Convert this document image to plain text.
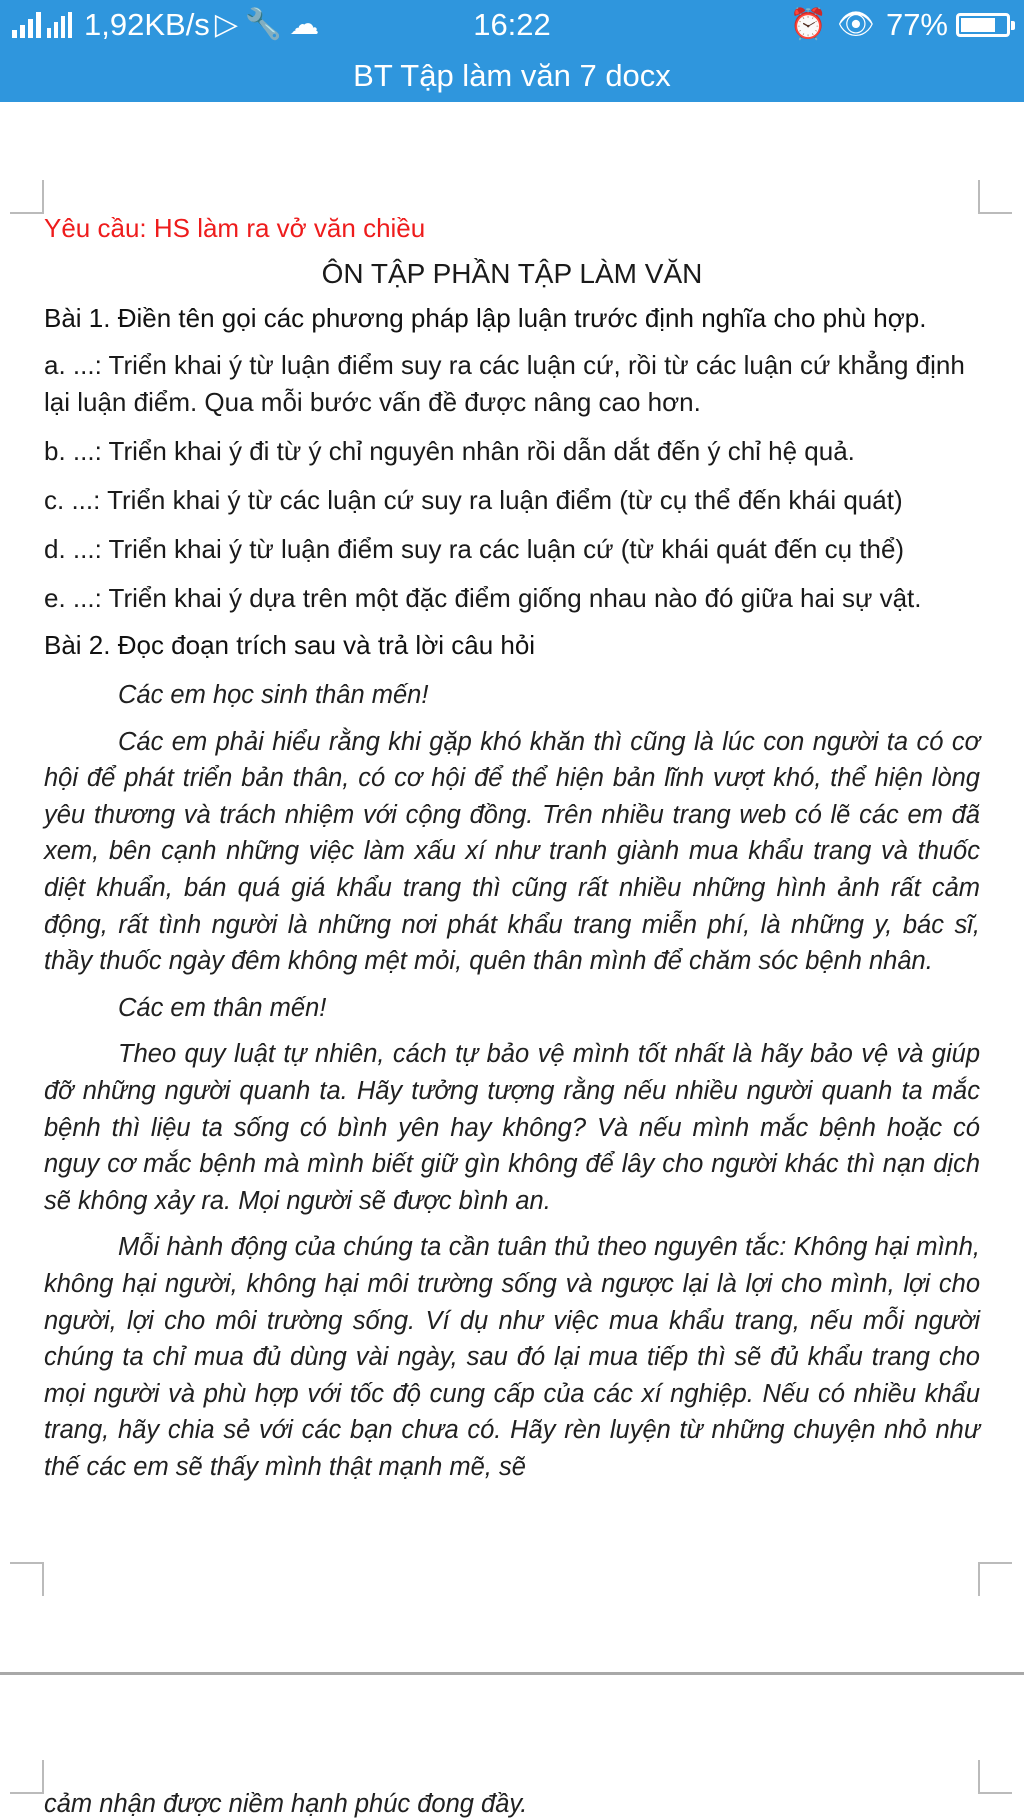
1,92KB/s ▷ 🔧 ☁	16:22	⏰ 👁 77%
BT Tập làm văn 7 docx
Yêu cầu: HS làm ra vở văn chiều
ÔN TẬP PHẦN TẬP LÀM VĂN
Bài 1. Điền tên gọi các phương pháp lập luận trước định nghĩa cho phù hợp.
a. ...: Triển khai ý từ luận điểm suy ra các luận cứ, rồi từ các luận cứ khẳng định lại luận điểm. Qua mỗi bước vấn đề được nâng cao hơn.
b. ...: Triển khai ý đi từ ý chỉ nguyên nhân rồi dẫn dắt đến ý chỉ hệ quả.
c. ...: Triển khai ý từ các luận cứ suy ra luận điểm (từ cụ thể đến khái quát)
d. ...: Triển khai ý từ luận điểm suy ra các luận cứ (từ khái quát đến cụ thể)
e. ...: Triển khai ý dựa trên một đặc điểm giống nhau nào đó giữa hai sự vật.
Bài 2. Đọc đoạn trích sau và trả lời câu hỏi

Các em học sinh thân mến!

Các em phải hiểu rằng khi gặp khó khăn thì cũng là lúc con người ta có cơ hội để phát triển bản thân, có cơ hội để thể hiện bản lĩnh vượt khó, thể hiện lòng yêu thương và trách nhiệm với cộng đồng. Trên nhiều trang web có lẽ các em đã xem, bên cạnh những việc làm xấu xí như tranh giành mua khẩu trang và thuốc diệt khuẩn, bán quá giá khẩu trang thì cũng rất nhiều những hình ảnh rất cảm động, rất tình người là những nơi phát khẩu trang miễn phí, là những y, bác sĩ, thầy thuốc ngày đêm không mệt mỏi, quên thân mình để chăm sóc bệnh nhân.

Các em thân mến!

Theo quy luật tự nhiên, cách tự bảo vệ mình tốt nhất là hãy bảo vệ và giúp đỡ những người quanh ta. Hãy tưởng tượng rằng nếu nhiều người quanh ta mắc bệnh thì liệu ta sống có bình yên hay không? Và nếu mình mắc bệnh hoặc có nguy cơ mắc bệnh mà mình biết giữ gìn không để lây cho người khác thì nạn dịch sẽ không xảy ra. Mọi người sẽ được bình an.

Mỗi hành động của chúng ta cần tuân thủ theo nguyên tắc: Không hại mình, không hại người, không hại môi trường sống và ngược lại là lợi cho mình, lợi cho người, lợi cho môi trường sống. Ví dụ như việc mua khẩu trang, nếu mỗi người chúng ta chỉ mua đủ dùng vài ngày, sau đó lại mua tiếp thì sẽ đủ khẩu trang cho mọi người và phù hợp với tốc độ cung cấp của các xí nghiệp. Nếu có nhiều khẩu trang, hãy chia sẻ với các bạn chưa có. Hãy rèn luyện từ những chuyện nhỏ như thế các em sẽ thấy mình thật mạnh mẽ, sẽ

cảm nhận được niềm hạnh phúc đong đầy.
